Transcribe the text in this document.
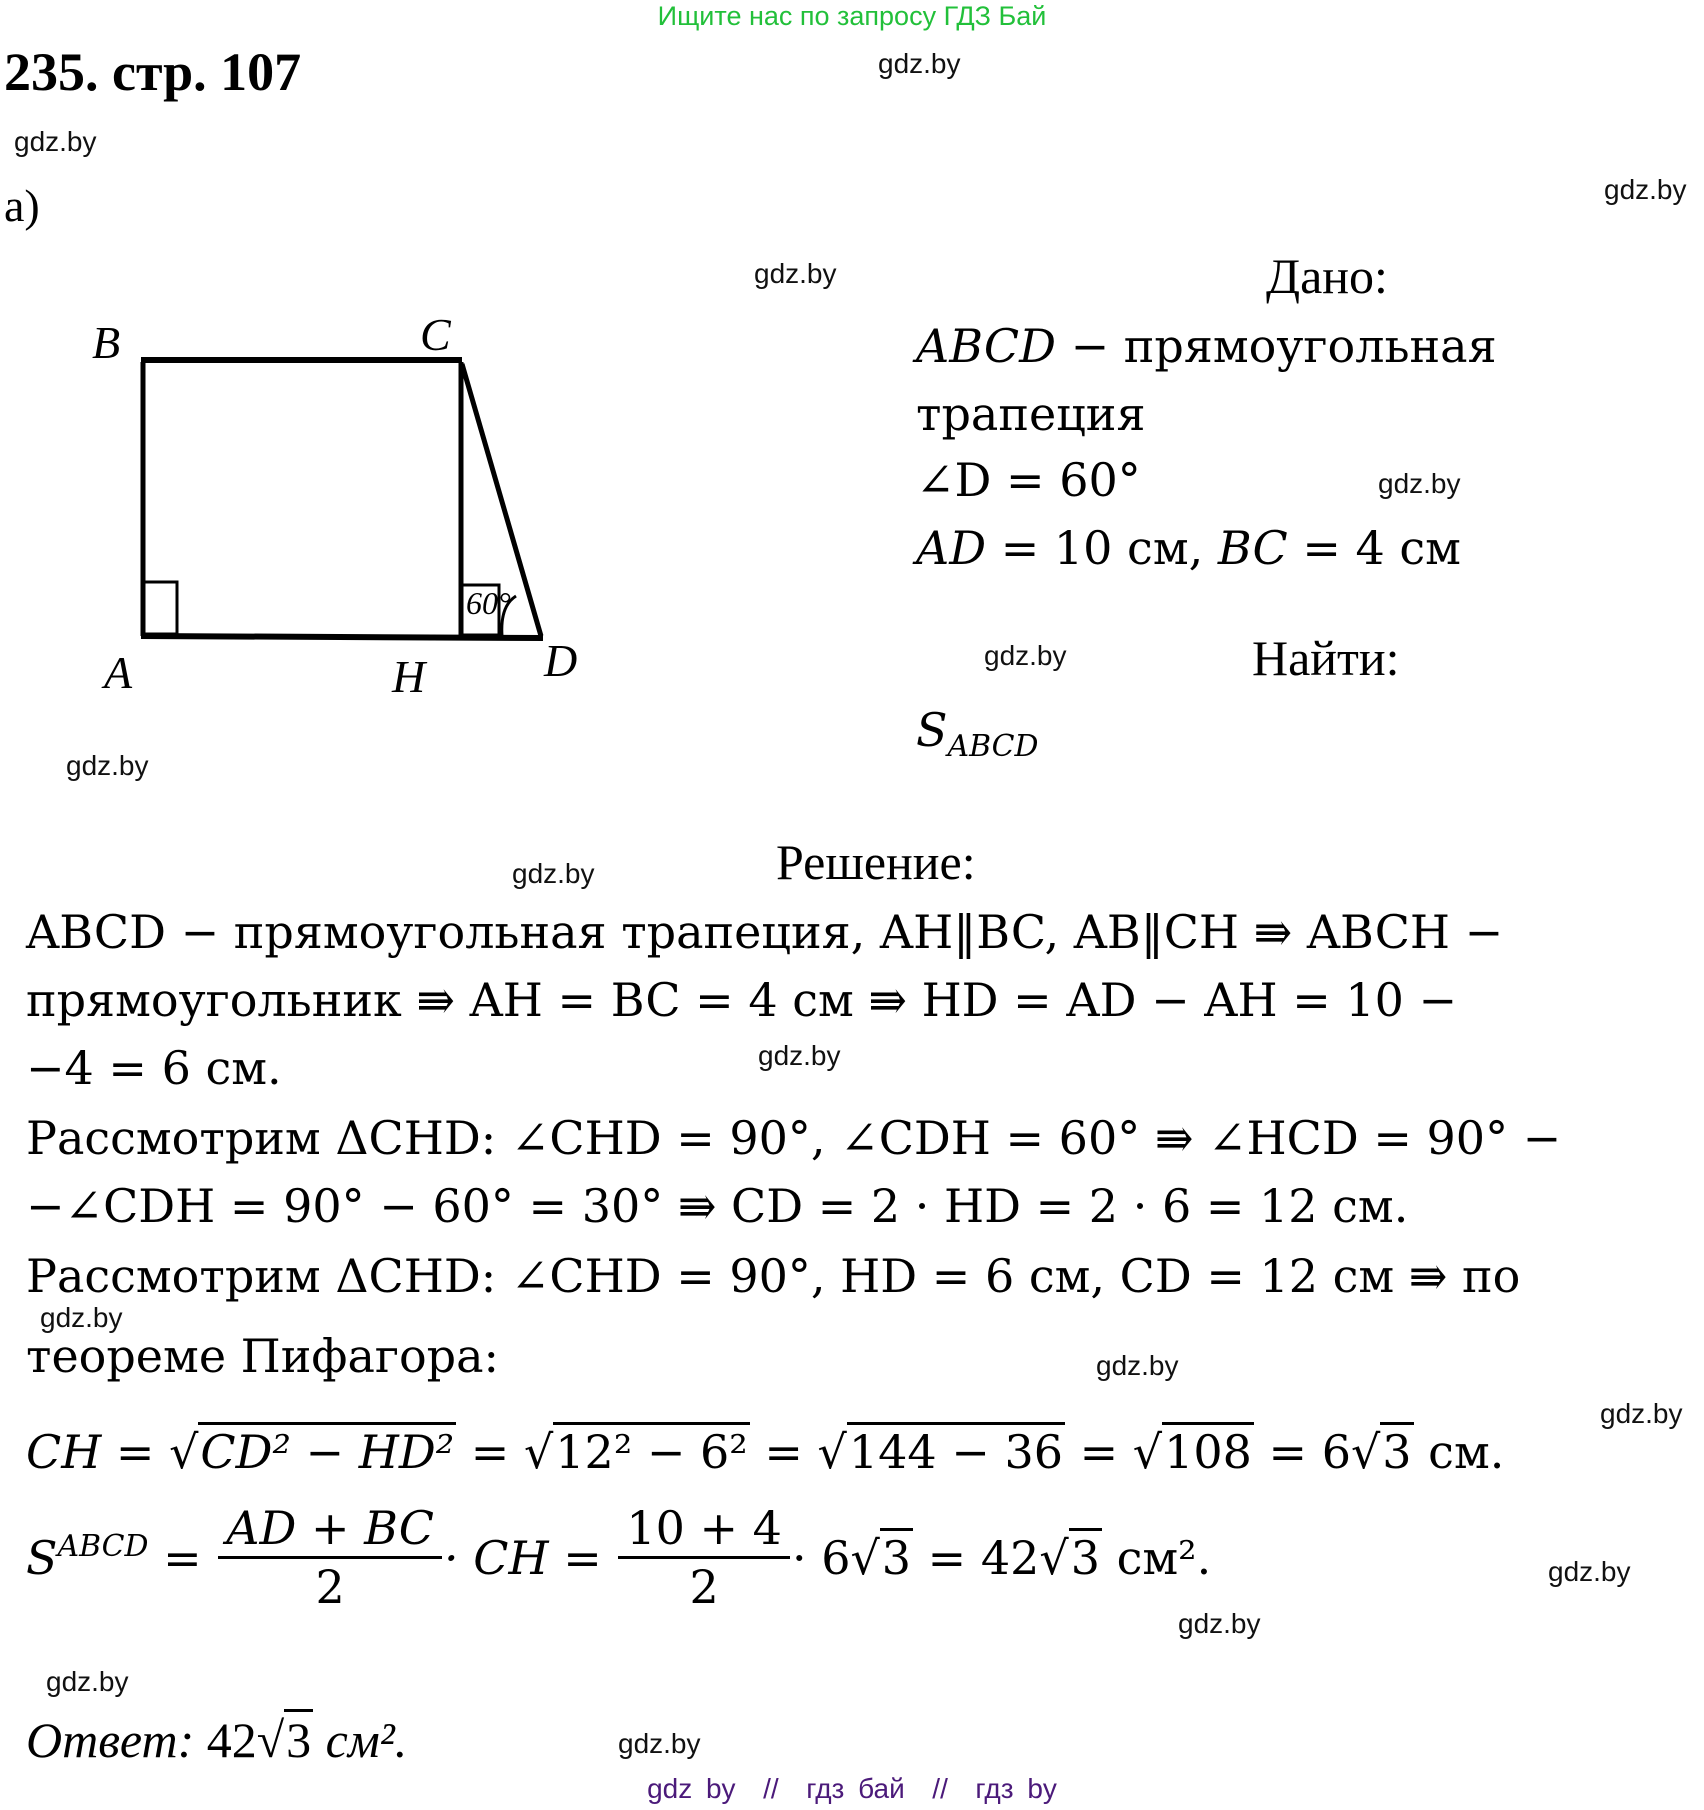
Ищите нас по запросу ГДЗ Бай
235. стр. 107	gdz.by
gdz.by
gdz.by
gdz.by
gdz.by
gdz.by
gdz.by
gdz.by
gdz.by
gdz.by
gdz.by
gdz.by
gdz.by
gdz.by
gdz.by
gdz.by
а)
B	C
A	H	D
60°
Дано:
ABCD − прямоугольная
трапеция
∠D = 60°
AD = 10 см, BC = 4 см
Найти:
$S_{ABCD}$
Решение:
ABCD − прямоугольная трапеция, AH‖BC, AB‖CH ⇛ ABCH −
прямоугольник ⇛ AH = BC = 4 см ⇛ HD = AD − AH = 10 −
−4 = 6 см.
Рассмотрим ΔCHD: ∠CHD = 90°, ∠CDH = 60° ⇛ ∠HCD = 90° −
−∠CDH = 90° − 60° = 30° ⇛ CD = 2 · HD = 2 · 6 = 12 см.
Рассмотрим ΔCHD: ∠CHD = 90°, HD = 6 см, CD = 12 см ⇛ по
теореме Пифагора:
CH = √CD² − HD² = √12² − 6² = √144 − 36 = √108 = 6√3 см.
$S^{ABCD} = \frac{AD + BC}{2}$ · CH = $\frac{10 + 4}{2} \cdot 6$ √3 = 42 √3 см².
Ответ: 42√3 см².
gdz by  //  гдз бай  //  гдз by
